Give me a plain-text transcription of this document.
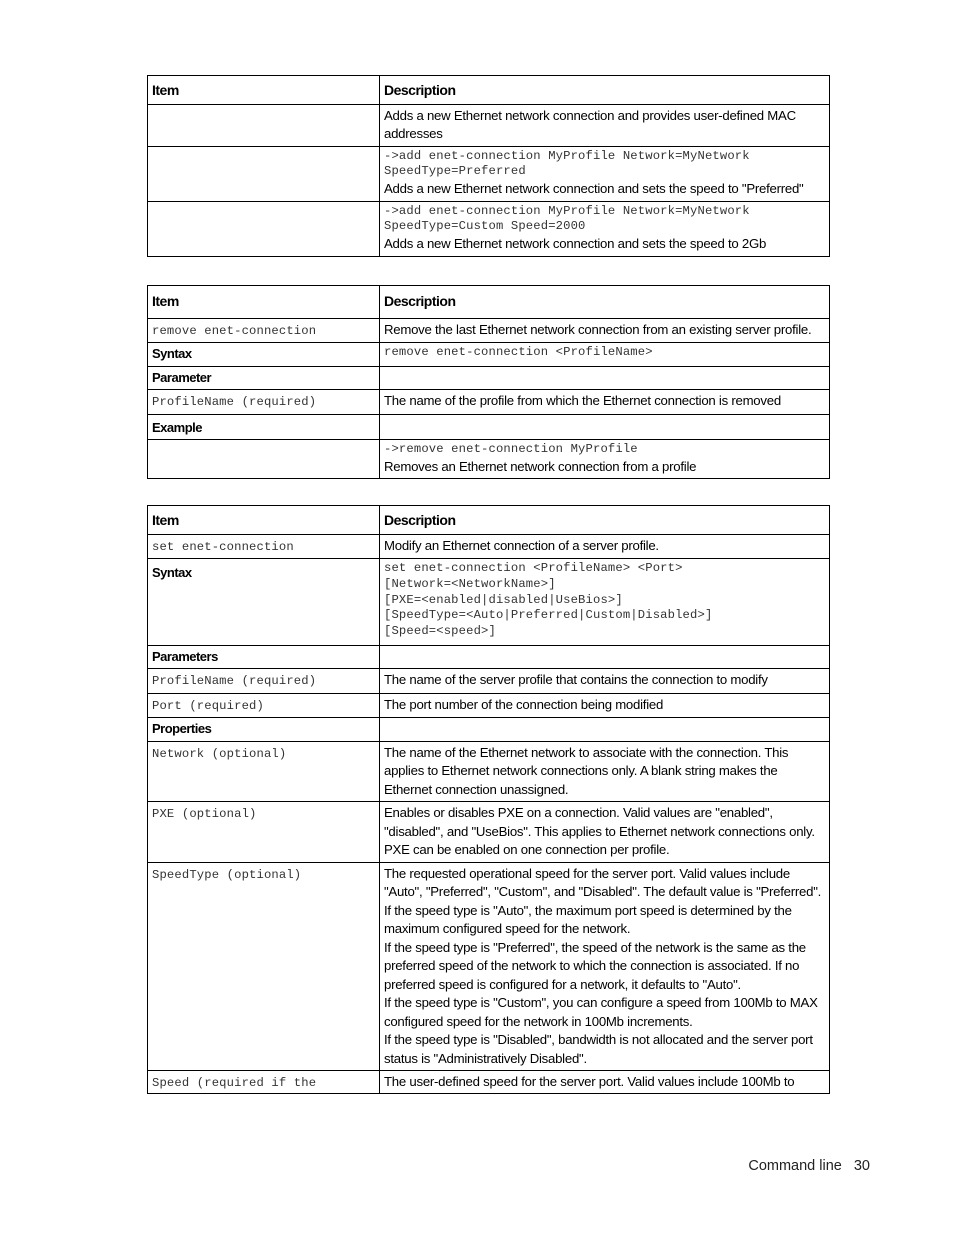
Item	Description
	Adds a new Ethernet network connection and provides user-defined MAC addresses

	->add enet-connection MyProfile Network=MyNetwork SpeedType=Preferred
Adds a new Ethernet network connection and sets the speed to "Preferred"

	->add enet-connection MyProfile Network=MyNetwork SpeedType=Custom Speed=2000
Adds a new Ethernet network connection and sets the speed to 2Gb
Item	Description
remove enet-connection	Remove the last Ethernet network connection from an existing server profile.
Syntax	remove enet-connection <ProfileName>

Parameter	
ProfileName (required)	The name of the profile from which the Ethernet connection is removed
Example	

	->remove enet-connection MyProfile
Removes an Ethernet network connection from a profile
Item	Description
set enet-connection	Modify an Ethernet connection of a server profile.
Syntax	set enet-connection <ProfileName> <Port>
[Network=<NetworkName>]
[PXE=<enabled|disabled|UseBios>]
[SpeedType=<Auto|Preferred|Custom|Disabled>]
[Speed=<speed>]

Parameters	
ProfileName (required)	The name of the server profile that contains the connection to modify
Port (required)	The port number of the connection being modified
Properties	
Network (optional)	The name of the Ethernet network to associate with the connection. This applies to Ethernet network connections only. A blank string makes the Ethernet connection unassigned.
PXE (optional)	Enables or disables PXE on a connection. Valid values are "enabled", "disabled", and "UseBios". This applies to Ethernet network connections only.
PXE can be enabled on one connection per profile.

SpeedType (optional)	The requested operational speed for the server port. Valid values include "Auto", "Preferred", "Custom", and "Disabled". The default value is "Preferred".
If the speed type is "Auto", the maximum port speed is determined by the maximum configured speed for the network.
If the speed type is "Preferred", the speed of the network is the same as the preferred speed of the network to which the connection is associated. If no preferred speed is configured for a network, it defaults to "Auto".
If the speed type is "Custom", you can configure a speed from 100Mb to MAX configured speed for the network in 100Mb increments.
If the speed type is "Disabled", bandwidth is not allocated and the server port status is "Administratively Disabled".

Speed (required if the	The user-defined speed for the server port. Valid values include 100Mb to
Command line 30
